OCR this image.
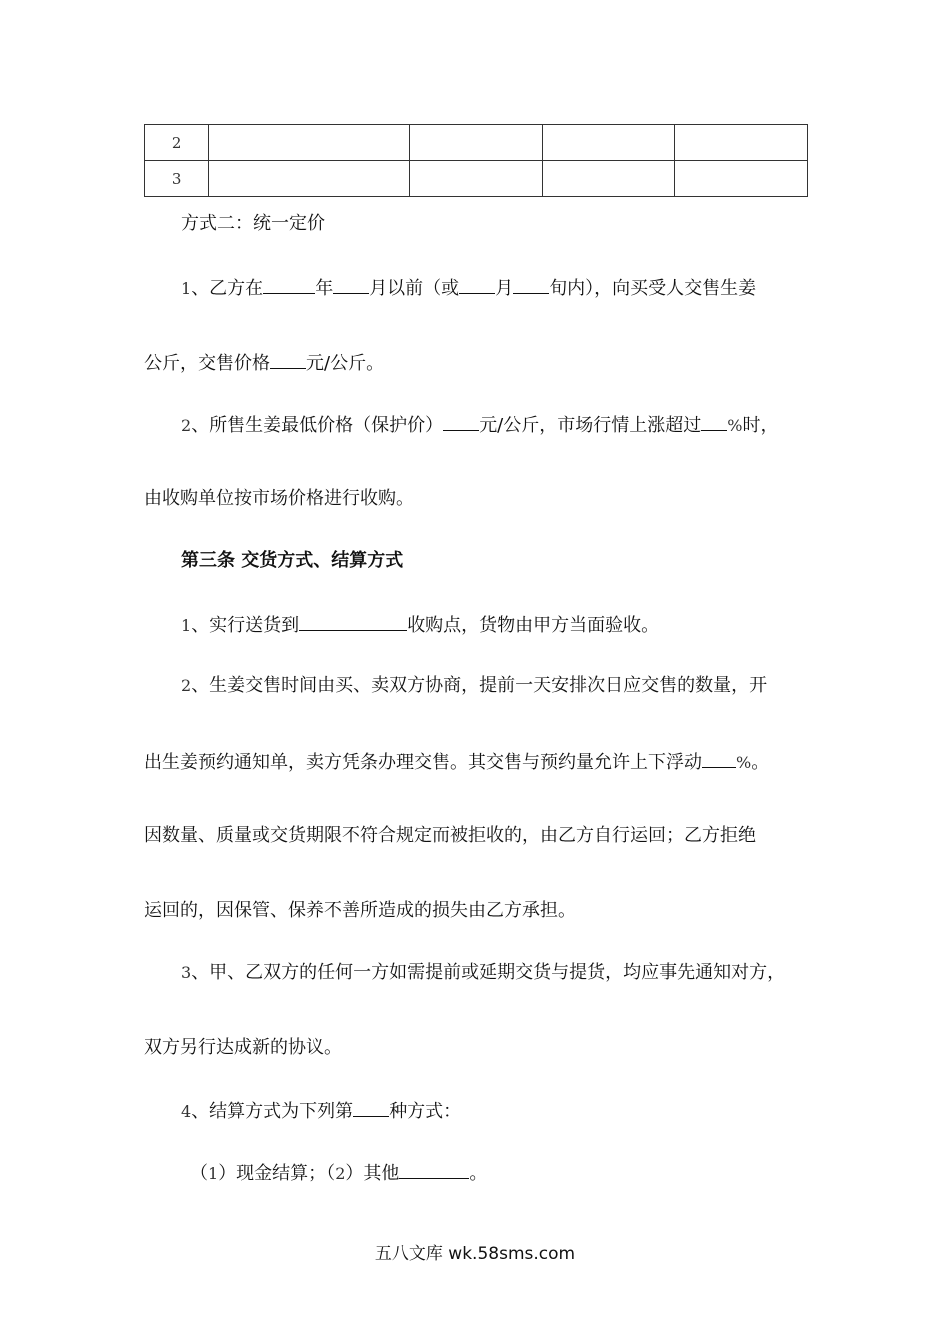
2				
3				
方式二：统一定价
1、乙方在	年 月以前（或 月 旬内），向买受人交售生姜
公斤，交售价格 元/公斤。
2、所售生姜最低价格（保护价） 元/公斤，市场行情上涨超过 %时，
由收购单位按市场价格进行收购。
第三条 交货方式、结算方式
1、实行送货到	收购点，货物由甲方当面验收。
2、生姜交售时间由买、卖双方协商，提前一天安排次日应交售的数量，开
出生姜预约通知单，卖方凭条办理交售。其交售与预约量允许上下浮动 %。
因数量、质量或交货期限不符合规定而被拒收的，由乙方自行运回；乙方拒绝
运回的，因保管、保养不善所造成的损失由乙方承担。
3、甲、乙双方的任何一方如需提前或延期交货与提货，均应事先通知对方，
双方另行达成新的协议。
4、结算方式为下列第 种方式：
（1）现金结算；（2）其他	。
五八文库 wk.58sms.com
